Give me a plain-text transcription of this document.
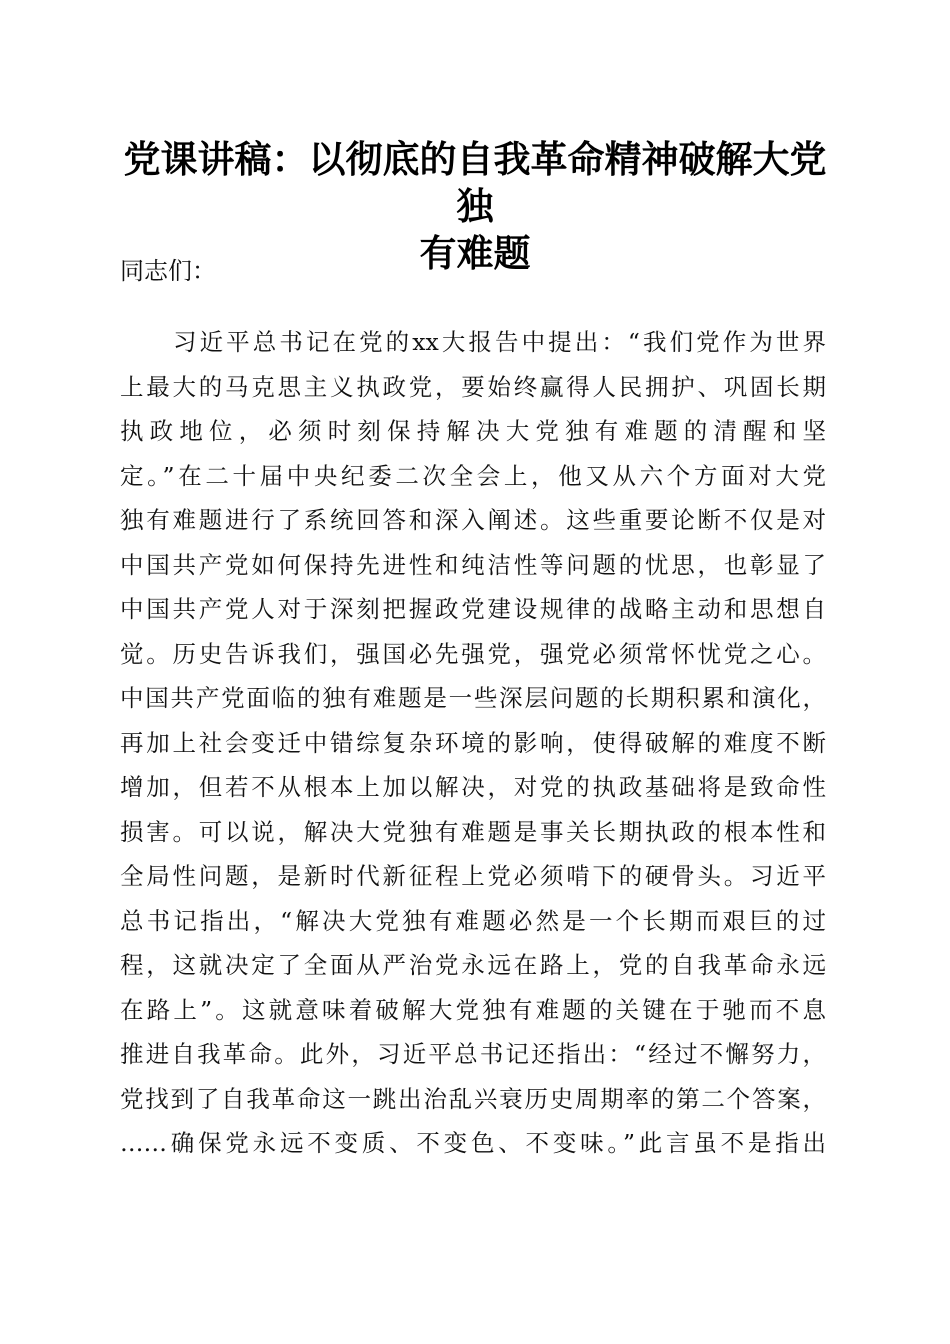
党课讲稿：以彻底的自我革命精神破解大党独
有难题

同志们：

习近平总书记在党的xx大报告中提出：“我们党作为世界
上最大的马克思主义执政党，要始终赢得人民拥护、巩固长期
执政地位，必须时刻保持解决大党独有难题的清醒和坚
定。”在二十届中央纪委二次全会上，他又从六个方面对大党
独有难题进行了系统回答和深入阐述。这些重要论断不仅是对
中国共产党如何保持先进性和纯洁性等问题的忧思，也彰显了
中国共产党人对于深刻把握政党建设规律的战略主动和思想自
觉。历史告诉我们，强国必先强党，强党必须常怀忧党之心。
中国共产党面临的独有难题是一些深层问题的长期积累和演化，
再加上社会变迁中错综复杂环境的影响，使得破解的难度不断
增加，但若不从根本上加以解决，对党的执政基础将是致命性
损害。可以说，解决大党独有难题是事关长期执政的根本性和
全局性问题，是新时代新征程上党必须啃下的硬骨头。习近平
总书记指出，“解决大党独有难题必然是一个长期而艰巨的过
程，这就决定了全面从严治党永远在路上，党的自我革命永远
在路上”。这就意味着破解大党独有难题的关键在于驰而不息
推进自我革命。此外，习近平总书记还指出：“经过不懈努力，
党找到了自我革命这一跳出治乱兴衰历史周期率的第二个答案，
……确保党永远不变质、不变色、不变味。”此言虽不是指出
